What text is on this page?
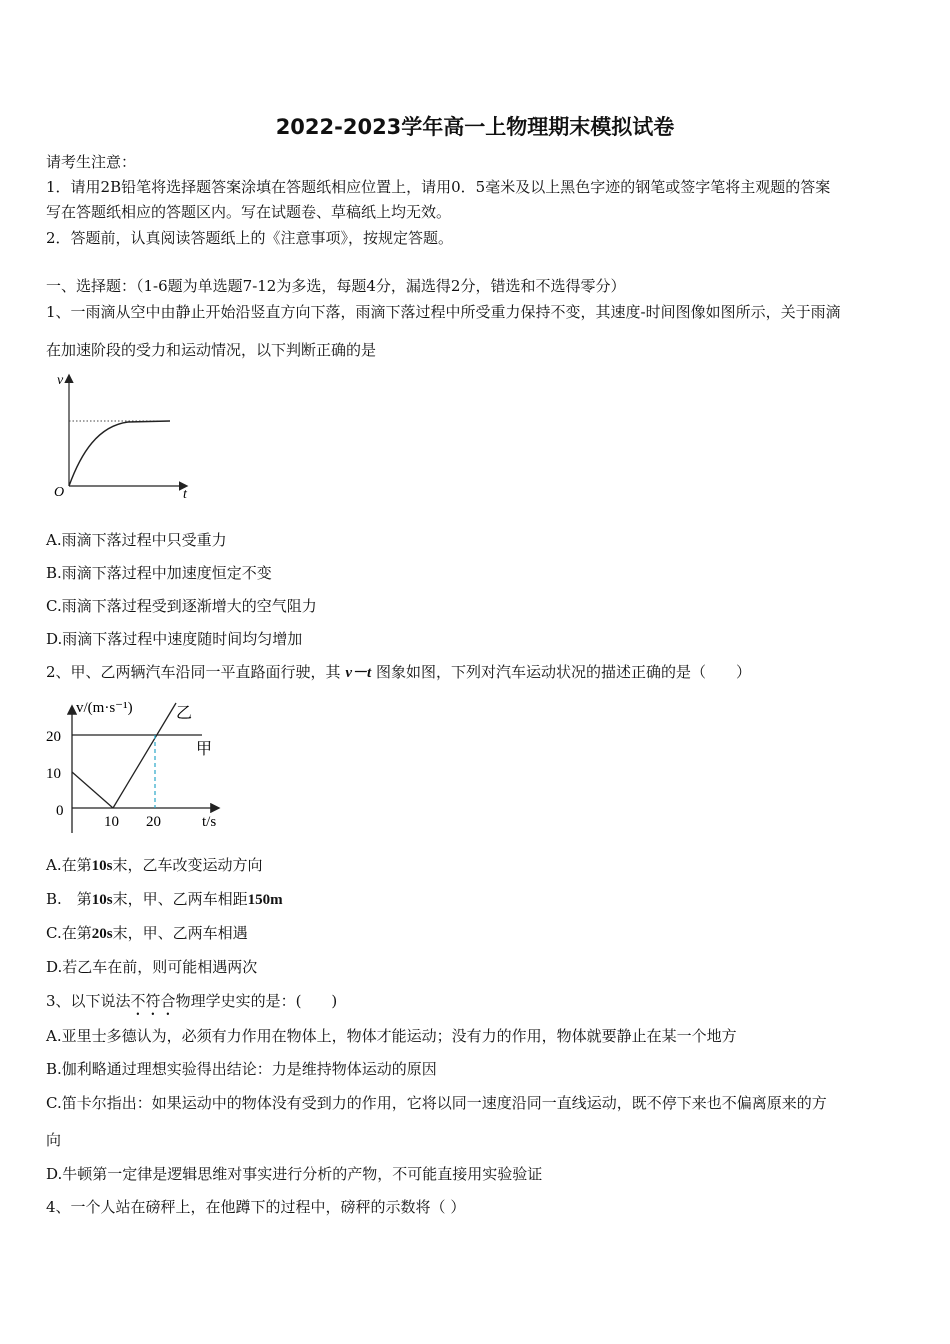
2022-2023学年高一上物理期末模拟试卷
请考生注意：
1．请用2B铅笔将选择题答案涂填在答题纸相应位置上，请用0．5毫米及以上黑色字迹的钢笔或签字笔将主观题的答案
写在答题纸相应的答题区内。写在试题卷、草稿纸上均无效。
2．答题前，认真阅读答题纸上的《注意事项》，按规定答题。
一、选择题：（1-6题为单选题7-12为多选，每题4分，漏选得2分，错选和不选得零分）
1、一雨滴从空中由静止开始沿竖直方向下落，雨滴下落过程中所受重力保持不变，其速度-时间图像如图所示，关于雨滴
在加速阶段的受力和运动情况，以下判断正确的是
v
t
O
A.雨滴下落过程中只受重力
B.雨滴下落过程中加速度恒定不变
C.雨滴下落过程受到逐渐增大的空气阻力
D.雨滴下落过程中速度随时间均匀增加
2、甲、乙两辆汽车沿同一平直路面行驶，其 v－t 图象如图，下列对汽车运动状况的描述正确的是（　　）
v/(m·s⁻¹)
t/s
20
10
0
10 20
甲
乙
A.在第10s末，乙车改变运动方向
B.　第10s末，甲、乙两车相距150m
C.在第20s末，甲、乙两车相遇
D.若乙车在前，则可能相遇两次
3、以下说法不符合物理学史实的是：(　　)
A.亚里士多德认为，必须有力作用在物体上，物体才能运动；没有力的作用，物体就要静止在某一个地方
B.伽利略通过理想实验得出结论：力是维持物体运动的原因
C.笛卡尔指出：如果运动中的物体没有受到力的作用，它将以同一速度沿同一直线运动，既不停下来也不偏离原来的方
向
D.牛顿第一定律是逻辑思维对事实进行分析的产物，不可能直接用实验验证
4、一个人站在磅秤上，在他蹲下的过程中，磅秤的示数将（ ）
